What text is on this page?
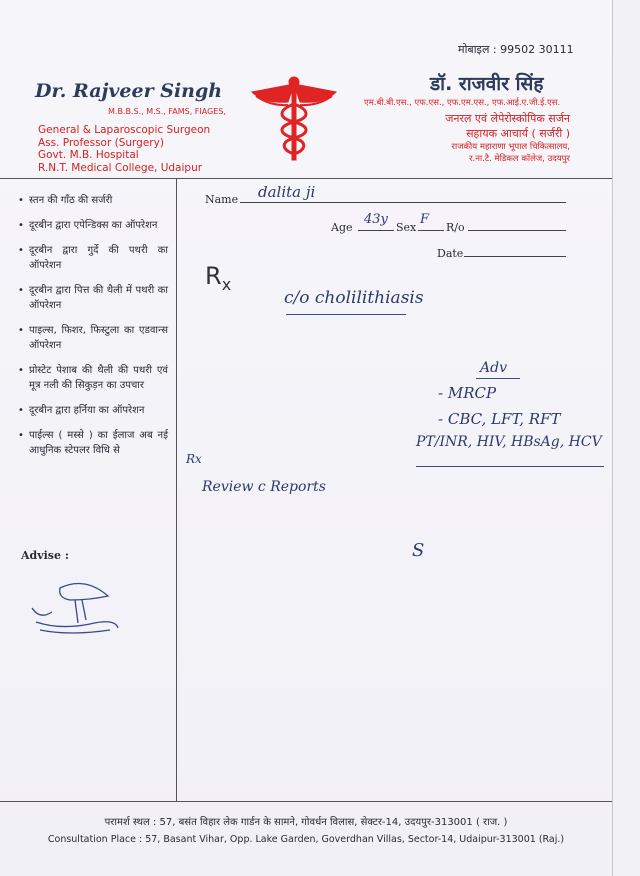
मोबाइल : 99502 30111
Dr. Rajveer Singh
M.B.B.S., M.S., FAMS, FIAGES,
General & Laparoscopic Surgeon
Ass. Professor (Surgery)
Govt. M.B. Hospital
R.N.T. Medical College, Udaipur
डॉ. राजवीर सिंह
एम.बी.बी.एस., एफ.एस., एफ.एम.एस., एफ.आई.ए.जी.ई.एस.
जनरल एवं लेपेरोस्कोपिक सर्जन
सहायक आचार्य ( सर्जरी )
राजकीय महाराणा भूपाल चिकित्सालय,
र.ना.टै. मेडिकल कॉलेज, उदयपुर
• स्तन की गाँठ की सर्जरी
• दूरबीन द्वारा एपेन्डिक्स का ऑपरेशन
• दूरबीन द्वारा गुर्दे की पथरी का ऑपरेशन
• दूरबीन द्वारा पित्त की थैली में पथरी का ऑपरेशन
• पाइल्स, फिशर, फिस्टुला का एडवान्स ऑपरेशन
• प्रोस्टेट पेशाब की थैली की पथरी एवं मूत्र नली की सिकुड़न का उपचार
• दूरबीन द्वारा हर्निया का ऑपरेशन
• पाईल्स ( मस्से ) का ईलाज अब नई आधुनिक स्टेपलर विधि से
Advise :
Name dalita ji
Age
43y
Sex
F
R/o
Date
$R_x$
c/o cholilithiasis
Adv
- MRCP
- CBC, LFT, RFT
PT/INR, HIV, HBsAg, HCV
Rx
Review c Reports
S
परामर्श स्थल : 57, बसंत विहार लेक गार्डन के सामने, गोवर्धन विलास, सेक्टर-14, उदयपुर-313001 ( राज. )
Consultation Place : 57, Basant Vihar, Opp. Lake Garden, Goverdhan Villas, Sector-14, Udaipur-313001 (Raj.)
